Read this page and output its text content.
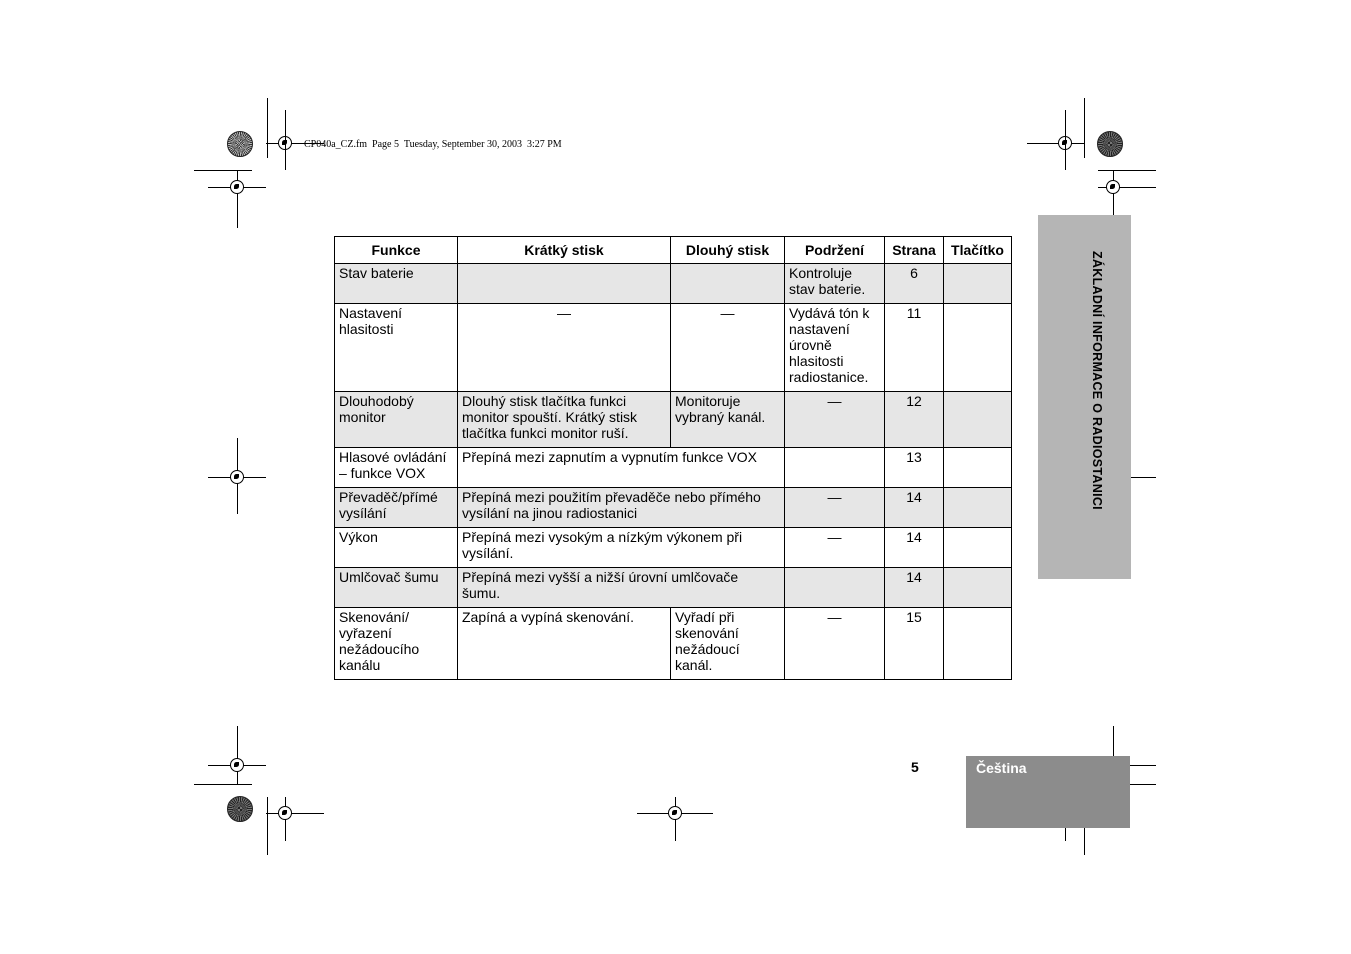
CP040a_CZ.fm  Page 5  Tuesday, September 30, 2003  3:27 PM
ZÁKLADNÍ INFORMACE O RADIOSTANICI
Čeština
5
Funkce	Krátký stisk	Dlouhý stisk	Podržení	Strana	Tlačítko
Stav baterie			Kontroluje stav baterie.	6	
Nastavení hlasitosti	—	—	Vydává tón k nastavení úrovně hlasitosti radiostanice.	11	
Dlouhodobý monitor	Dlouhý stisk tlačítka funkci monitor spouští. Krátký stisk tlačítka funkci monitor ruší.	Monitoruje vybraný kanál.	—	12	
Hlasové ovládání – funkce VOX	Přepíná mezi zapnutím a vypnutím funkce VOX			13	
Převaděč/přímé vysílání	Přepíná mezi použitím převaděče nebo přímého vysílání na jinou radiostanici		—	14	
Výkon	Přepíná mezi vysokým a nízkým výkonem při vysílání.		—	14	
Umlčovač šumu	Přepíná mezi vyšší a nižší úrovní umlčovače šumu.			14	
Skenování/ vyřazení nežádoucího kanálu	Zapíná a vypíná skenování.	Vyřadí při skenování nežádoucí kanál.	—	15	
